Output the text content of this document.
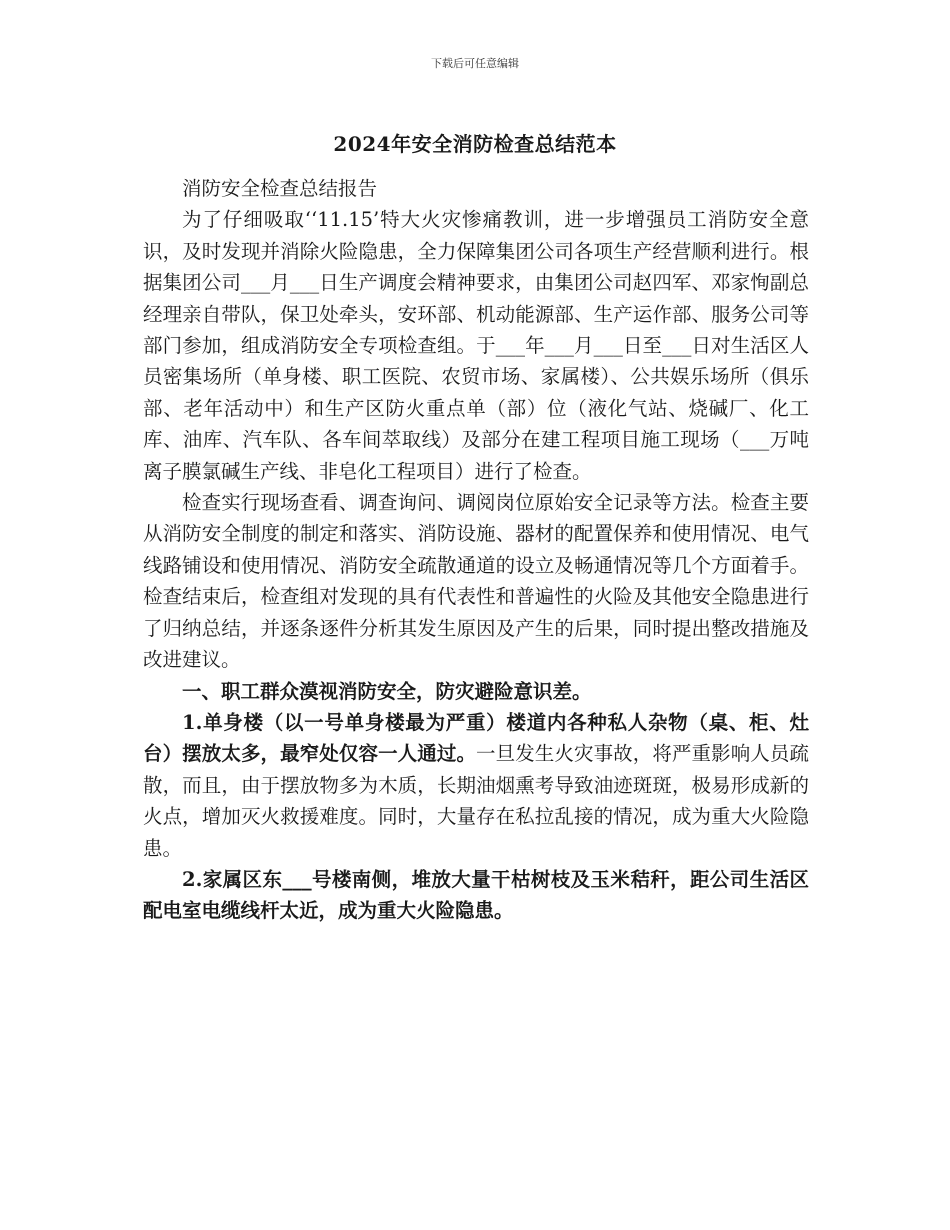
下载后可任意编辑
2024年安全消防检查总结范本

消防安全检查总结报告

为了仔细吸取‘‘11.15’特大火灾惨痛教训，进一步增强员工消防安全意识，及时发现并消除火险隐患，全力保障集团公司各项生产经营顺利进行。根据集团公司___月___日生产调度会精神要求，由集团公司赵四军、邓家恂副总经理亲自带队，保卫处牵头，安环部、机动能源部、生产运作部、服务公司等部门参加，组成消防安全专项检查组。于___年___月___日至___日对生活区人员密集场所（单身楼、职工医院、农贸市场、家属楼）、公共娱乐场所（俱乐部、老年活动中）和生产区防火重点单（部）位（液化气站、烧碱厂、化工库、油库、汽车队、各车间萃取线）及部分在建工程项目施工现场（___万吨离子膜氯碱生产线、非皂化工程项目）进行了检查。

检查实行现场查看、调查询问、调阅岗位原始安全记录等方法。检查主要从消防安全制度的制定和落实、消防设施、器材的配置保养和使用情况、电气线路铺设和使用情况、消防安全疏散通道的设立及畅通情况等几个方面着手。检查结束后，检查组对发现的具有代表性和普遍性的火险及其他安全隐患进行了归纳总结，并逐条逐件分析其发生原因及产生的后果，同时提出整改措施及改进建议。

一、职工群众漠视消防安全，防灾避险意识差。

1.单身楼（以一号单身楼最为严重）楼道内各种私人杂物（桌、柜、灶台）摆放太多，最窄处仅容一人通过。一旦发生火灾事故，将严重影响人员疏散，而且，由于摆放物多为木质，长期油烟熏考导致油迹斑斑，极易形成新的火点，增加灭火救援难度。同时，大量存在私拉乱接的情况，成为重大火险隐患。

2.家属区东___号楼南侧，堆放大量干枯树枝及玉米秸秆，距公司生活区配电室电缆线杆太近，成为重大火险隐患。
